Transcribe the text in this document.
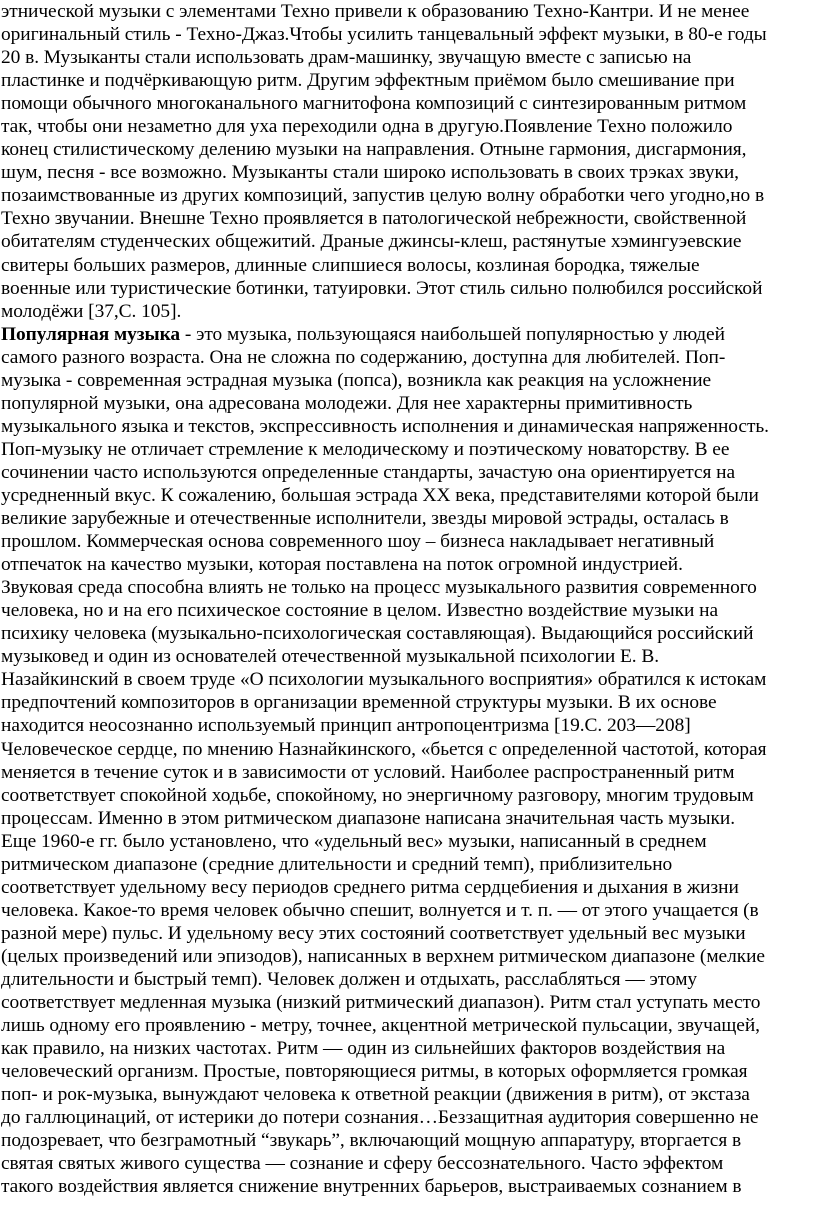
этнической музыки с элементами Техно привели к образованию Техно-Кантри. И не менее
оригинальный стиль - Техно-Джаз.Чтобы усилить танцевальный эффект музыки, в 80-е годы
20 в. Музыканты стали использовать драм-машинку, звучащую вместе с записью на
пластинке и подчёркивающую ритм. Другим эффектным приёмом было смешивание при
помощи обычного многоканального магнитофона композиций с синтезированным ритмом
так, чтобы они незаметно для уха переходили одна в другую.Появление Техно положило
конец стилистическому делению музыки на направления. Отныне гармония, дисгармония,
шум, песня - все возможно. Музыканты стали широко использовать в своих трэках звуки,
позаимствованные из других композиций, запустив целую волну обработки чего угодно,но в
Техно звучании. Внешне Техно проявляется в патологической небрежности, свойственной
обитателям студенческих общежитий. Драные джинсы-клеш, растянутые хэмингуэевские
свитеры больших размеров, длинные слипшиеся волосы, козлиная бородка, тяжелые
военные или туристические ботинки, татуировки. Этот стиль сильно полюбился российской
молодёжи [37,С. 105].
Популярная музыка - это музыка, пользующаяся наибольшей популярностью у людей
самого разного возраста. Она не сложна по содержанию, доступна для любителей. Поп-
музыка - современная эстрадная музыка (попса), возникла как реакция на усложнение
популярной музыки, она адресована молодежи. Для нее характерны примитивность
музыкального языка и текстов, экспрессивность исполнения и динамическая напряженность.
Поп-музыку не отличает стремление к мелодическому и поэтическому новаторству. В ее
сочинении часто используются определенные стандарты, зачастую она ориентируется на
усредненный вкус. К сожалению, большая эстрада XX века, представителями которой были
великие зарубежные и отечественные исполнители, звезды мировой эстрады, осталась в
прошлом. Коммерческая основа современного шоу – бизнеса накладывает негативный
отпечаток на качество музыки, которая поставлена на поток огромной индустрией.
Звуковая среда способна влиять не только на процесс музыкального развития современного
человека, но и на его психическое состояние в целом. Известно воздействие музыки на
психику человека (музыкально-психологическая составляющая). Выдающийся российский
музыковед и один из основателей отечественной музыкальной психологии Е. В.
Назайкинский в своем труде «О психологии музыкального восприятия» обратился к истокам
предпочтений композиторов в организации временной структуры музыки. В их основе
находится неосознанно используемый принцип антропоцентризма [19.С. 203—208]
Человеческое сердце, по мнению Назнайкинского, «бьется с определенной частотой, которая
меняется в течение суток и в зависимости от условий. Наиболее распространенный ритм
соответствует спокойной ходьбе, спокойному, но энергичному разговору, многим трудовым
процессам. Именно в этом ритмическом диапазоне написана значительная часть музыки.
Еще 1960-е гг. было установлено, что «удельный вес» музыки, написанный в среднем
ритмическом диапазоне (средние длительности и средний темп), приблизительно
соответствует удельному весу периодов среднего ритма сердцебиения и дыхания в жизни
человека. Какое-то время человек обычно спешит, волнуется и т. п. — от этого учащается (в
разной мере) пульс. И удельному весу этих состояний соответствует удельный вес музыки
(целых произведений или эпизодов), написанных в верхнем ритмическом диапазоне (мелкие
длительности и быстрый темп). Человек должен и отдыхать, расслабляться — этому
соответствует медленная музыка (низкий ритмический диапазон). Ритм стал уступать место
лишь одному его проявлению - метру, точнее, акцентной метрической пульсации, звучащей,
как правило, на низких частотах. Ритм — один из сильнейших факторов воздействия на
человеческий организм. Простые, повторяющиеся ритмы, в которых оформляется громкая
поп- и рок-музыка, вынуждают человека к ответной реакции (движения в ритм), от экстаза
до галлюцинаций, от истерики до потери сознания…Беззащитная аудитория совершенно не
подозревает, что безграмотный “звукарь”, включающий мощную аппаратуру, вторгается в
святая святых живого существа — сознание и сферу бессознательного. Часто эффектом
такого воздействия является снижение внутренних барьеров, выстраиваемых сознанием в
